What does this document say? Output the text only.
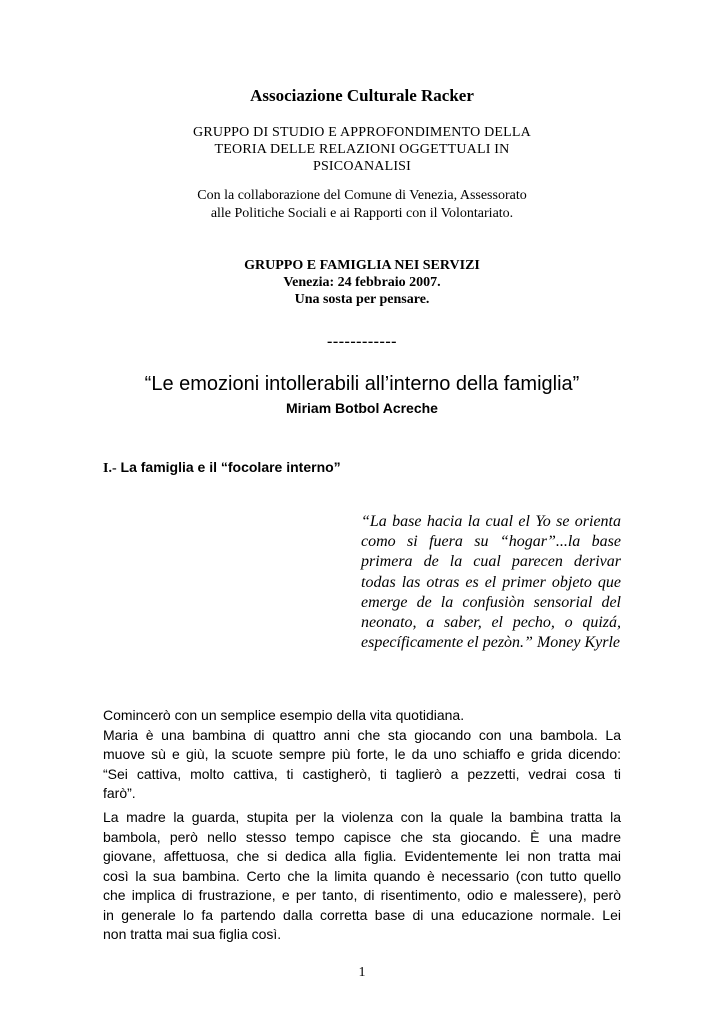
Associazione Culturale Racker
GRUPPO DI STUDIO E APPROFONDIMENTO DELLA
TEORIA DELLE RELAZIONI OGGETTUALI IN
PSICOANALISI
Con la collaborazione del Comune di Venezia, Assessorato
alle Politiche Sociali e ai Rapporti con il Volontariato.
GRUPPO E FAMIGLIA NEI SERVIZI
Venezia: 24 febbraio 2007.
Una sosta per pensare.
------------
“Le emozioni intollerabili all’interno della famiglia”
Miriam Botbol Acreche
I.- La famiglia e il “focolare interno”
“La base hacia la cual el Yo se orienta como si fuera su “hogar”...la base primera de la cual parecen derivar todas las otras es el primer objeto que emerge de la confusiòn sensorial del neonato, a saber, el pecho, o quizá, específicamente el pezòn.” Money Kyrle
Comincerò con un semplice esempio della vita quotidiana.
Maria è una bambina di quattro anni che sta giocando con una bambola. La
muove sù e giù, la scuote sempre più forte, le da uno schiaffo e grida dicendo:
“Sei cattiva, molto cattiva, ti castigherò, ti taglierò a pezzetti, vedrai cosa ti
farò”.
La madre la guarda, stupita per la violenza con la quale la bambina tratta la
bambola, però nello stesso tempo capisce che sta giocando. È una madre
giovane, affettuosa, che si dedica alla figlia. Evidentemente lei non tratta mai
così la sua bambina. Certo che la limita quando è necessario (con tutto quello
che implica di frustrazione, e per tanto, di risentimento, odio e malessere), però
in generale lo fa partendo dalla corretta base di una educazione normale. Lei
non tratta mai sua figlia così.
1
